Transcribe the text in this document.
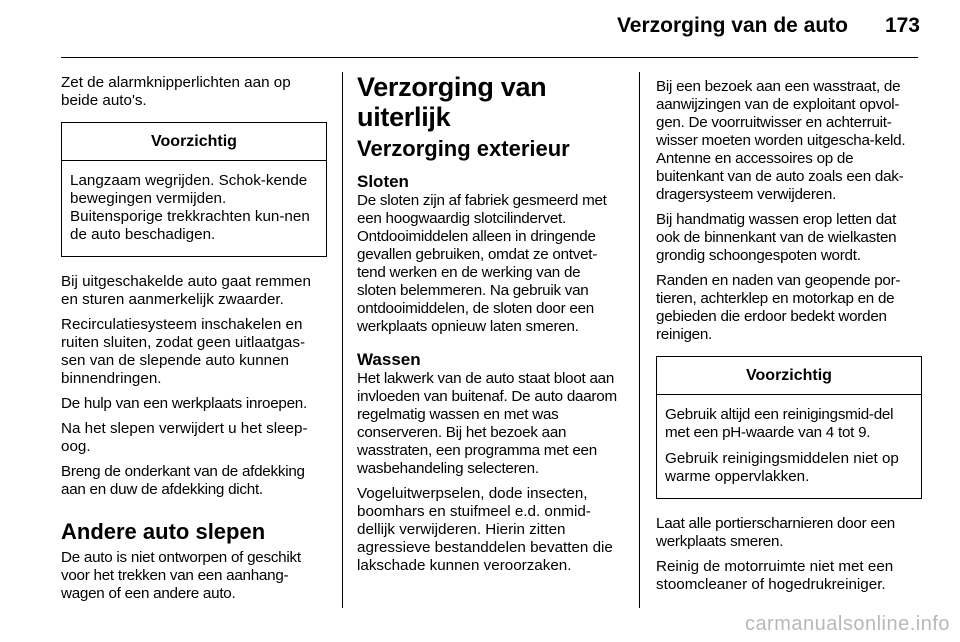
Verzorging van de auto 173

Zet de alarmknipperlichten aan op beide auto's.

Voorzichtig

Langzaam wegrijden. Schok-kende bewegingen vermijden. Buitensporige trekkrachten kun-nen de auto beschadigen.

Bij uitgeschakelde auto gaat remmen en sturen aanmerkelijk zwaarder.

Recirculatiesysteem inschakelen en ruiten sluiten, zodat geen uitlaatgas-sen van de slepende auto kunnen binnendringen.

De hulp van een werkplaats inroepen.

Na het slepen verwijdert u het sleep-oog.

Breng de onderkant van de afdekking aan en duw de afdekking dicht.

Andere auto slepen

De auto is niet ontworpen of geschikt voor het trekken van een aanhang-wagen of een andere auto.

Verzorging van uiterlijk
Verzorging exterieur
Sloten

De sloten zijn af fabriek gesmeerd met een hoogwaardig slotcilindervet. Ontdooimiddelen alleen in dringende gevallen gebruiken, omdat ze ontvet-tend werken en de werking van de sloten belemmeren. Na gebruik van ontdooimiddelen, de sloten door een werkplaats opnieuw laten smeren.

Wassen

Het lakwerk van de auto staat bloot aan invloeden van buitenaf. De auto daarom regelmatig wassen en met was conserveren. Bij het bezoek aan wasstraten, een programma met een wasbehandeling selecteren.

Vogeluitwerpselen, dode insecten, boomhars en stuifmeel e.d. onmid-dellijk verwijderen. Hierin zitten agressieve bestanddelen bevatten die lakschade kunnen veroorzaken.

Bij een bezoek aan een wasstraat, de aanwijzingen van de exploitant opvol-gen. De voorruitwisser en achterruit-wisser moeten worden uitgescha-keld. Antenne en accessoires op de buitenkant van de auto zoals een dak-dragersysteem verwijderen.

Bij handmatig wassen erop letten dat ook de binnenkant van de wielkasten grondig schoongespoten wordt.

Randen en naden van geopende por-tieren, achterklep en motorkap en de gebieden die erdoor bedekt worden reinigen.

Voorzichtig

Gebruik altijd een reinigingsmid-del met een pH-waarde van 4 tot 9.

Gebruik reinigingsmiddelen niet op warme oppervlakken.

Laat alle portierscharnieren door een werkplaats smeren.

Reinig de motorruimte niet met een stoomcleaner of hogedrukreiniger.

carmanualsonline.info
